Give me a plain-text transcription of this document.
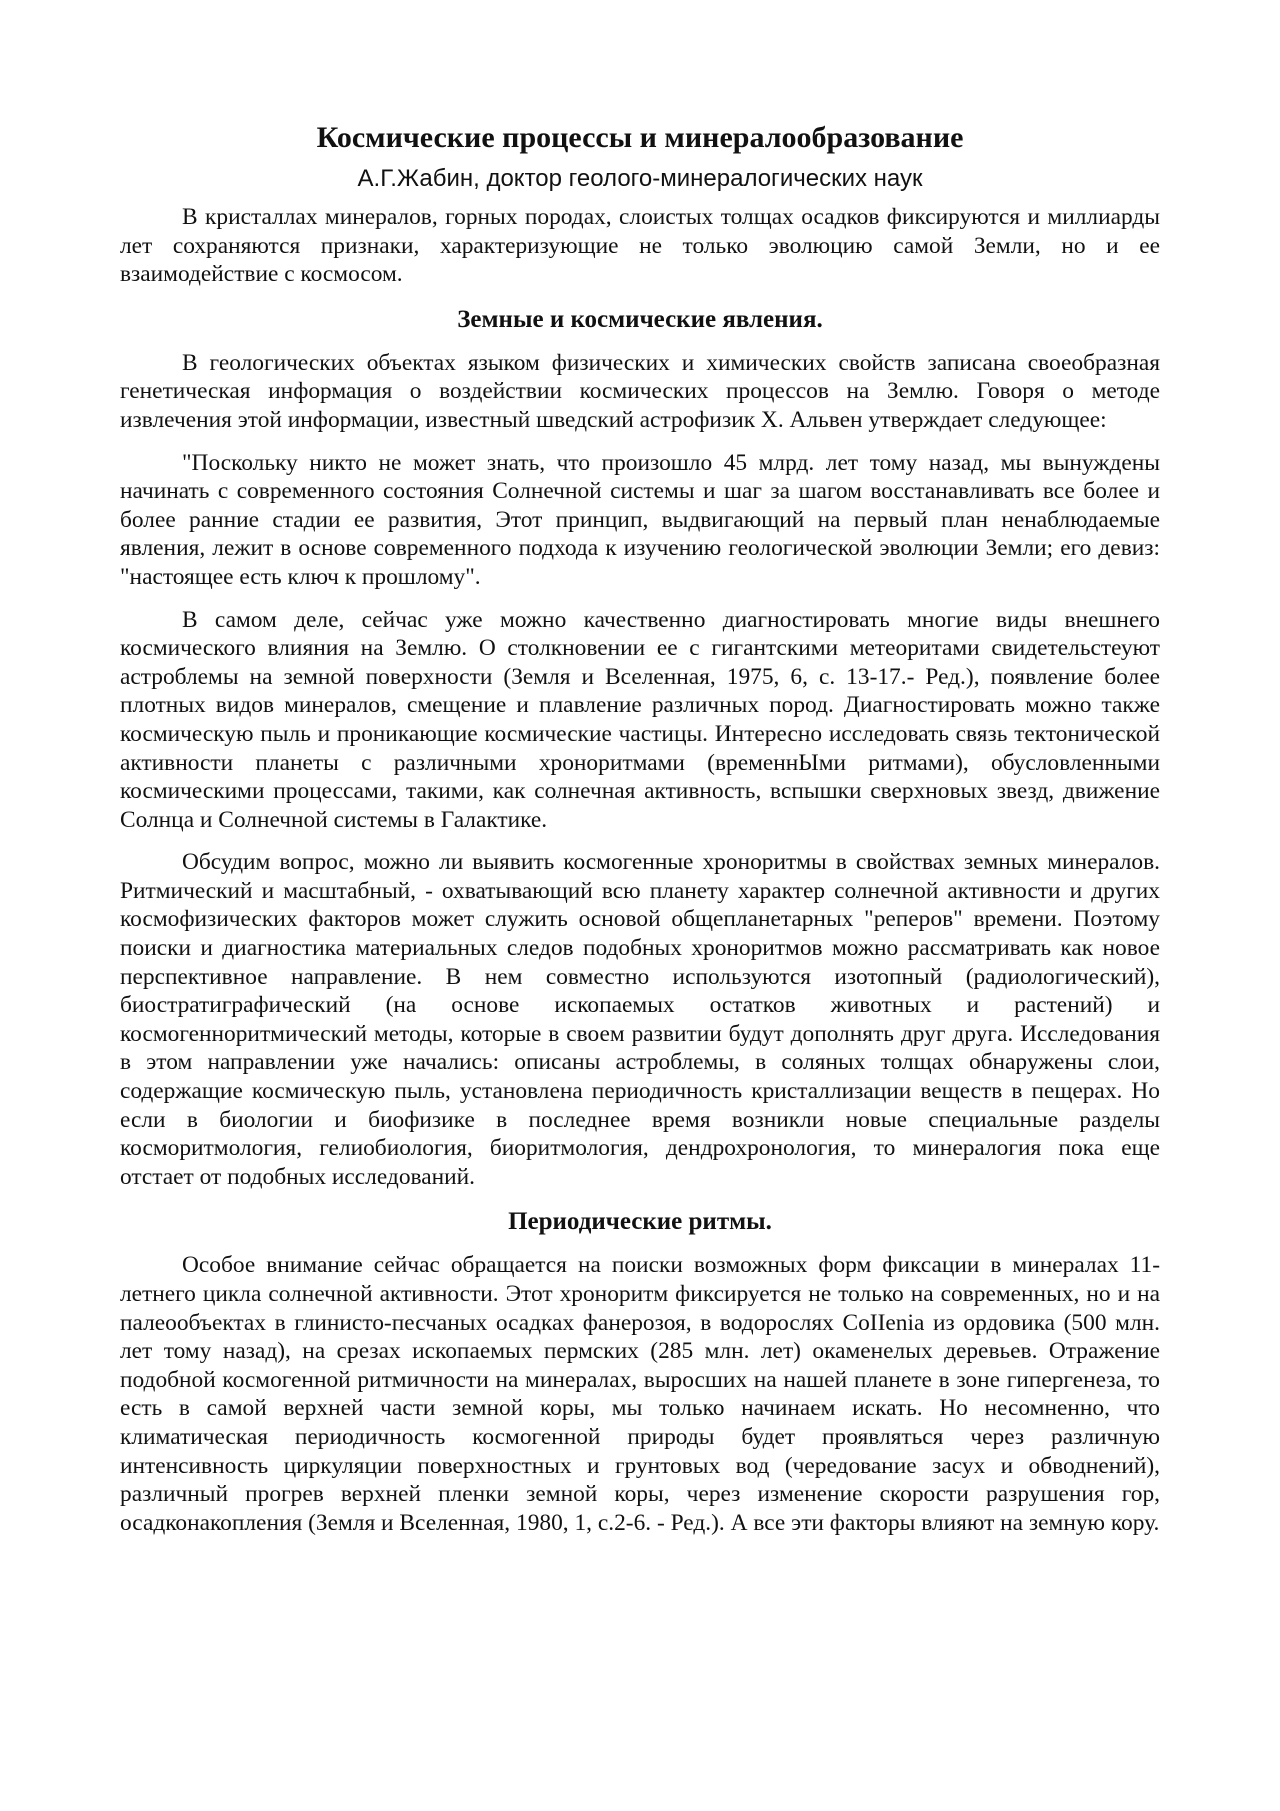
Космические процессы и минералообразование
А.Г.Жабин, доктор геолого-минералогических наук

В кристаллах минералов, горных породах, слоистых толщах осадков фиксируются и миллиарды лет сохраняются признаки, характеризующие не только эволюцию самой Земли, но и ее взаимодействие с космосом.

Земные и космические явления.

В геологических объектах языком физических и химических свойств записана своеобразная генетическая информация о воздействии космических процессов на Землю. Говоря о методе извлечения этой информации, известный шведский астрофизик X. Альвен утверждает следующее:

"Поскольку никто не может знать, что произошло 45 млрд. лет тому назад, мы вынуждены начинать с современного состояния Солнечной системы и шаг за шагом восстанавливать все более и более ранние стадии ее развития, Этот принцип, выдвигающий на первый план ненаблюдаемые явления, лежит в основе современного подхода к изучению геологической эволюции Земли; его девиз: "настоящее есть ключ к прошлому".

В самом деле, сейчас уже можно качественно диагностировать многие виды внешнего космического влияния на Землю. О столкновении ее с гигантскими метеоритами свидетельстеуют астроблемы на земной поверхности (Земля и Вселенная, 1975, 6, с. 13-17.- Ред.), появление более плотных видов минералов, смещение и плавление различных пород. Диагностировать можно также космическую пыль и проникающие космические частицы. Интересно исследовать связь тектонической активности планеты с различными хроноритмами (временнЫми ритмами), обусловленными космическими процессами, такими, как солнечная активность, вспышки сверхновых звезд, движение Солнца и Солнечной системы в Галактике.

Обсудим вопрос, можно ли выявить космогенные хроноритмы в свойствах земных минералов. Ритмический и масштабный, - охватывающий всю планету характер солнечной активности и других космофизических факторов может служить основой общепланетарных "реперов" времени. Поэтому поиски и диагностика материальных следов подобных хроноритмов можно рассматривать как новое перспективное направление. В нем совместно используются изотопный (радиологический), биостратиграфический (на основе ископаемых остатков животных и растений) и космогенноритмический методы, которые в своем развитии будут дополнять друг друга. Исследования в этом направлении уже начались: описаны астроблемы, в соляных толщах обнаружены слои, содержащие космическую пыль, установлена периодичность кристаллизации веществ в пещерах. Но если в биологии и биофизике в последнее время возникли новые специальные разделы косморитмология, гелиобиология, биоритмология, дендрохронология, то минералогия пока еще отстает от подобных исследований.

Периодические ритмы.

Особое внимание сейчас обращается на поиски возможных форм фиксации в минералах 11-летнего цикла солнечной активности. Этот хроноритм фиксируется не только на современных, но и на палеообъектах в глинисто-песчаных осадках фанерозоя, в водорослях CoIIenia из ордовика (500 млн. лет тому назад), на срезах ископаемых пермских (285 млн. лет) окаменелых деревьев. Отражение подобной космогенной ритмичности на минералах, выросших на нашей планете в зоне гипергенеза, то есть в самой верхней части земной коры, мы только начинаем искать. Но несомненно, что климатическая периодичность космогенной природы будет проявляться через различную интенсивность циркуляции поверхностных и грунтовых вод (чередование засух и обводнений), различный прогрев верхней пленки земной коры, через изменение скорости разрушения гор, осадконакопления (Земля и Вселенная, 1980, 1, с.2-6. - Ред.). А все эти факторы влияют на земную кору.
